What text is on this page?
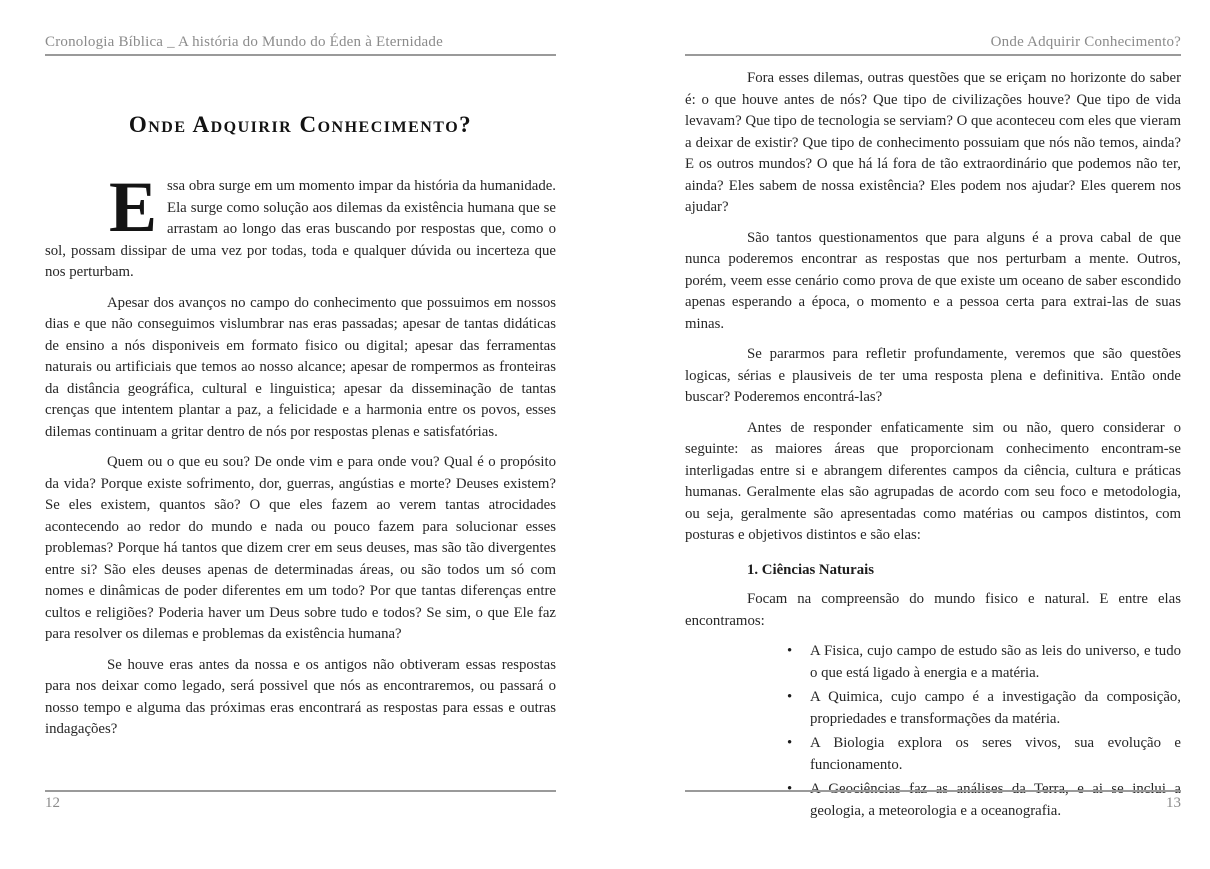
Cronologia Bíblica _ A história do Mundo do Éden à Eternidade
Onde Adquirir Conhecimento?

Essa obra surge em um momento impar da história da humanidade. Ela surge como solução aos dilemas da existência humana que se arrastam ao longo das eras buscando por respostas que, como o sol, possam dissipar de uma vez por todas, toda e qualquer dúvida ou incerteza que nos perturbam.

Apesar dos avanços no campo do conhecimento que possuimos em nossos dias e que não conseguimos vislumbrar nas eras passadas; apesar de tantas didáticas de ensino a nós disponiveis em formato fisico ou digital; apesar das ferramentas naturais ou artificiais que temos ao nosso alcance; apesar de rompermos as fronteiras da distância geográfica, cultural e linguistica; apesar da disseminação de tantas crenças que intentem plantar a paz, a felicidade e a harmonia entre os povos, esses dilemas continuam a gritar dentro de nós por respostas plenas e satisfatórias.

Quem ou o que eu sou? De onde vim e para onde vou? Qual é o propósito da vida? Porque existe sofrimento, dor, guerras, angústias e morte? Deuses existem? Se eles existem, quantos são? O que eles fazem ao verem tantas atrocidades acontecendo ao redor do mundo e nada ou pouco fazem para solucionar esses problemas? Porque há tantos que dizem crer em seus deuses, mas são tão divergentes entre si? São eles deuses apenas de determinadas áreas, ou são todos um só com nomes e dinâmicas de poder diferentes em um todo? Por que tantas diferenças entre cultos e religiões? Poderia haver um Deus sobre tudo e todos? Se sim, o que Ele faz para resolver os dilemas e problemas da existência humana?

Se houve eras antes da nossa e os antigos não obtiveram essas respostas para nos deixar como legado, será possivel que nós as encontraremos, ou passará o nosso tempo e alguma das próximas eras encontrará as respostas para essas e outras indagações?

12
Onde Adquirir Conhecimento?

Fora esses dilemas, outras questões que se eriçam no horizonte do saber é: o que houve antes de nós? Que tipo de civilizações houve? Que tipo de vida levavam? Que tipo de tecnologia se serviam? O que aconteceu com eles que vieram a deixar de existir? Que tipo de conhecimento possuiam que nós não temos, ainda? E os outros mundos? O que há lá fora de tão extraordinário que podemos não ter, ainda? Eles sabem de nossa existência? Eles podem nos ajudar? Eles querem nos ajudar?

São tantos questionamentos que para alguns é a prova cabal de que nunca poderemos encontrar as respostas que nos perturbam a mente. Outros, porém, veem esse cenário como prova de que existe um oceano de saber escondido apenas esperando a época, o momento e a pessoa certa para extrai-las de suas minas.

Se pararmos para refletir profundamente, veremos que são questões logicas, sérias e plausiveis de ter uma resposta plena e definitiva. Então onde buscar? Poderemos encontrá-las?

Antes de responder enfaticamente sim ou não, quero considerar o seguinte: as maiores áreas que proporcionam conhecimento encontram-se interligadas entre si e abrangem diferentes campos da ciência, cultura e práticas humanas. Geralmente elas são agrupadas de acordo com seu foco e metodologia, ou seja, geralmente são apresentadas como matérias ou campos distintos, com posturas e objetivos distintos e são elas:

1. Ciências Naturais

Focam na compreensão do mundo fisico e natural. E entre elas encontramos:

• A Fisica, cujo campo de estudo são as leis do universo, e tudo o que está ligado à energia e a matéria.
• A Quimica, cujo campo é a investigação da composição, propriedades e transformações da matéria.
• A Biologia explora os seres vivos, sua evolução e funcionamento.
• A Geociências faz as análises da Terra, e ai se inclui a geologia, a meteorologia e a oceanografia.	13
